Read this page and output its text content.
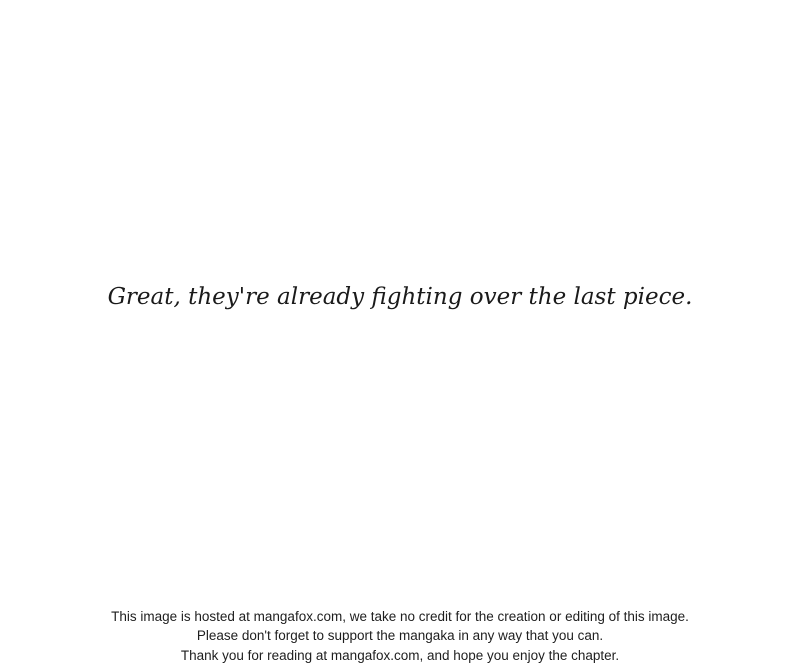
Great, they're already fighting over the last piece.
This image is hosted at mangafox.com, we take no credit for the creation or editing of this image.
Please don't forget to support the mangaka in any way that you can.
Thank you for reading at mangafox.com, and hope you enjoy the chapter.
